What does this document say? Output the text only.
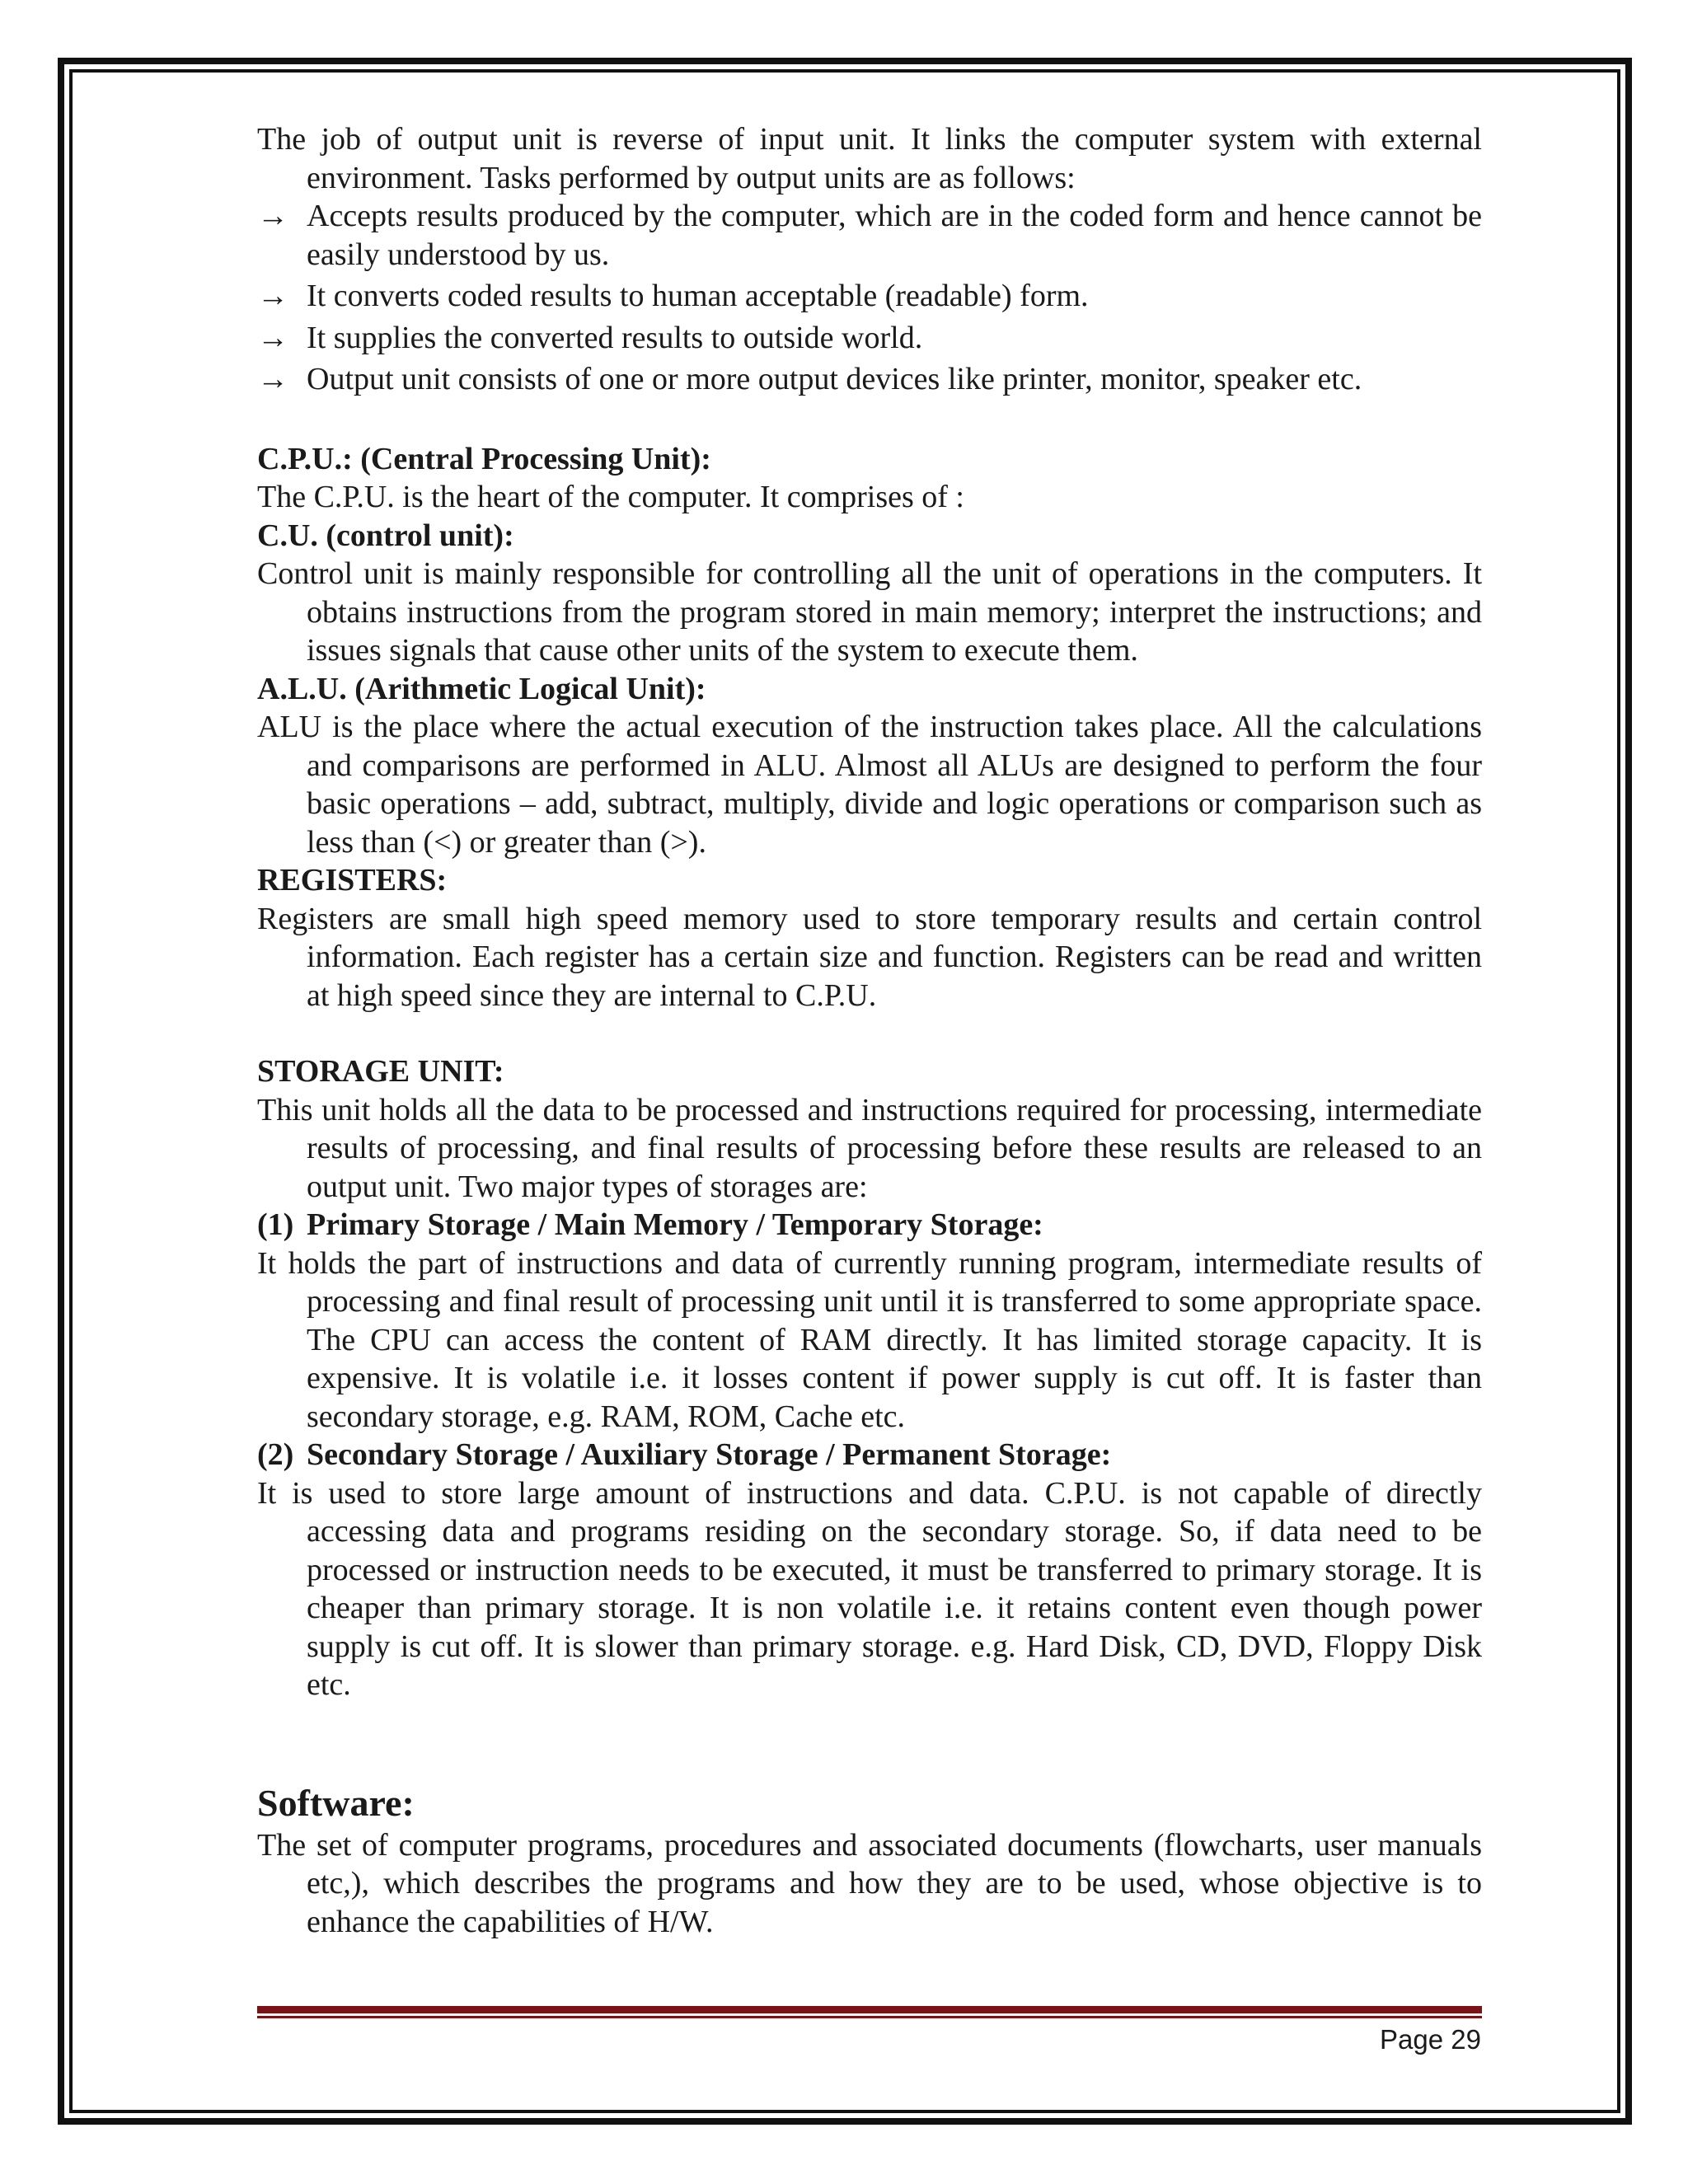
The job of output unit is reverse of input unit. It links the computer system with external environment. Tasks performed by output units are as follows:

→ Accepts results produced by the computer, which are in the coded form and hence cannot be easily understood by us.
→ It converts coded results to human acceptable (readable) form.
→ It supplies the converted results to outside world.
→ Output unit consists of one or more output devices like printer, monitor, speaker etc.

C.P.U.: (Central Processing Unit):

The C.P.U. is the heart of the computer. It comprises of :

C.U. (control unit):

Control unit is mainly responsible for controlling all the unit of operations in the computers. It obtains instructions from the program stored in main memory; interpret the instructions; and issues signals that cause other units of the system to execute them.

A.L.U. (Arithmetic Logical Unit):

ALU is the place where the actual execution of the instruction takes place. All the calculations and comparisons are performed in ALU. Almost all ALUs are designed to perform the four basic operations – add, subtract, multiply, divide and logic operations or comparison such as less than (<) or greater than (>).

REGISTERS:

Registers are small high speed memory used to store temporary results and certain control information. Each register has a certain size and function. Registers can be read and written at high speed since they are internal to C.P.U.

STORAGE UNIT:

This unit holds all the data to be processed and instructions required for processing, intermediate results of processing, and final results of processing before these results are released to an output unit. Two major types of storages are:

(1) Primary Storage / Main Memory / Temporary Storage:

It holds the part of instructions and data of currently running program, intermediate results of processing and final result of processing unit until it is transferred to some appropriate space. The CPU can access the content of RAM directly. It has limited storage capacity. It is expensive. It is volatile i.e. it losses content if power supply is cut off. It is faster than secondary storage, e.g. RAM, ROM, Cache etc.

(2) Secondary Storage / Auxiliary Storage / Permanent Storage:

It is used to store large amount of instructions and data. C.P.U. is not capable of directly accessing data and programs residing on the secondary storage. So, if data need to be processed or instruction needs to be executed, it must be transferred to primary storage. It is cheaper than primary storage. It is non volatile i.e. it retains content even though power supply is cut off. It is slower than primary storage. e.g. Hard Disk, CD, DVD, Floppy Disk etc.

Software:

The set of computer programs, procedures and associated documents (flowcharts, user manuals etc,), which describes the programs and how they are to be used, whose objective is to enhance the capabilities of H/W.

Page 29
